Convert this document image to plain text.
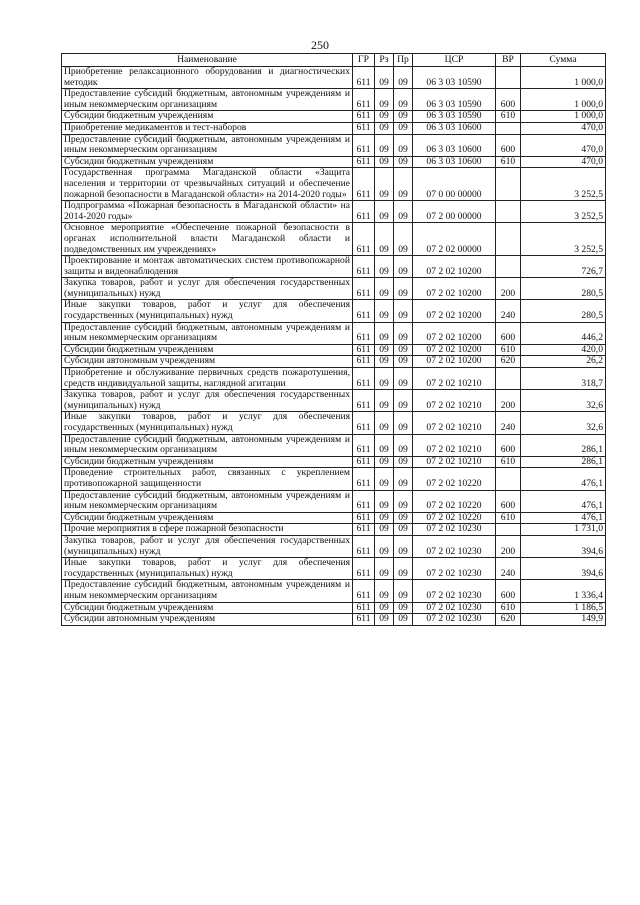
250
Наименование	ГР	Рз	Пр	ЦСР	ВР	Сумма
Приобретение релаксационного оборудования и диагностических методик	611	09	09	06 3 03 10590		1 000,0
Предоставление субсидий бюджетным, автономным учреждениям и иным некоммерческим организациям	611	09	09	06 3 03 10590	600	1 000,0
Субсидии бюджетным учреждениям	611	09	09	06 3 03 10590	610	1 000,0
Приобретение медикаментов и тест-наборов	611	09	09	06 3 03 10600		470,0
Предоставление субсидий бюджетным, автономным учреждениям и иным некоммерческим организациям	611	09	09	06 3 03 10600	600	470,0
Субсидии бюджетным учреждениям	611	09	09	06 3 03 10600	610	470,0
Государственная программа Магаданской области «Защита населения и территории от чрезвычайных ситуаций и обеспечение пожарной безопасности в Магаданской области» на 2014-2020 годы»	611	09	09	07 0 00 00000		3 252,5
Подпрограмма «Пожарная безопасность в Магаданской области» на 2014-2020 годы»	611	09	09	07 2 00 00000		3 252,5
Основное мероприятие «Обеспечение пожарной безопасности в органах исполнительной власти Магаданской области и подведомственных им учреждениях»	611	09	09	07 2 02 00000		3 252,5
Проектирование и монтаж автоматических систем противопожарной защиты и видеонаблюдения	611	09	09	07 2 02 10200		726,7
Закупка товаров, работ и услуг для обеспечения государственных (муниципальных) нужд	611	09	09	07 2 02 10200	200	280,5
Иные закупки товаров, работ и услуг для обеспечения государственных (муниципальных) нужд	611	09	09	07 2 02 10200	240	280,5
Предоставление субсидий бюджетным, автономным учреждениям и иным некоммерческим организациям	611	09	09	07 2 02 10200	600	446,2
Субсидии бюджетным учреждениям	611	09	09	07 2 02 10200	610	420,0
Субсидии автономным учреждениям	611	09	09	07 2 02 10200	620	26,2
Приобретение и обслуживание первичных средств пожаротушения, средств индивидуальной защиты, наглядной агитации	611	09	09	07 2 02 10210		318,7
Закупка товаров, работ и услуг для обеспечения государственных (муниципальных) нужд	611	09	09	07 2 02 10210	200	32,6
Иные закупки товаров, работ и услуг для обеспечения государственных (муниципальных) нужд	611	09	09	07 2 02 10210	240	32,6
Предоставление субсидий бюджетным, автономным учреждениям и иным некоммерческим организациям	611	09	09	07 2 02 10210	600	286,1
Субсидии бюджетным учреждениям	611	09	09	07 2 02 10210	610	286,1
Проведение строительных работ, связанных с укреплением противопожарной защищенности	611	09	09	07 2 02 10220		476,1
Предоставление субсидий бюджетным, автономным учреждениям и иным некоммерческим организациям	611	09	09	07 2 02 10220	600	476,1
Субсидии бюджетным учреждениям	611	09	09	07 2 02 10220	610	476,1
Прочие мероприятия в сфере пожарной безопасности	611	09	09	07 2 02 10230		1 731,0
Закупка товаров, работ и услуг для обеспечения государственных (муниципальных) нужд	611	09	09	07 2 02 10230	200	394,6
Иные закупки товаров, работ и услуг для обеспечения государственных (муниципальных) нужд	611	09	09	07 2 02 10230	240	394,6
Предоставление субсидий бюджетным, автономным учреждениям и иным некоммерческим организациям	611	09	09	07 2 02 10230	600	1 336,4
Субсидии бюджетным учреждениям	611	09	09	07 2 02 10230	610	1 186,5
Субсидии автономным учреждениям	611	09	09	07 2 02 10230	620	149,9
